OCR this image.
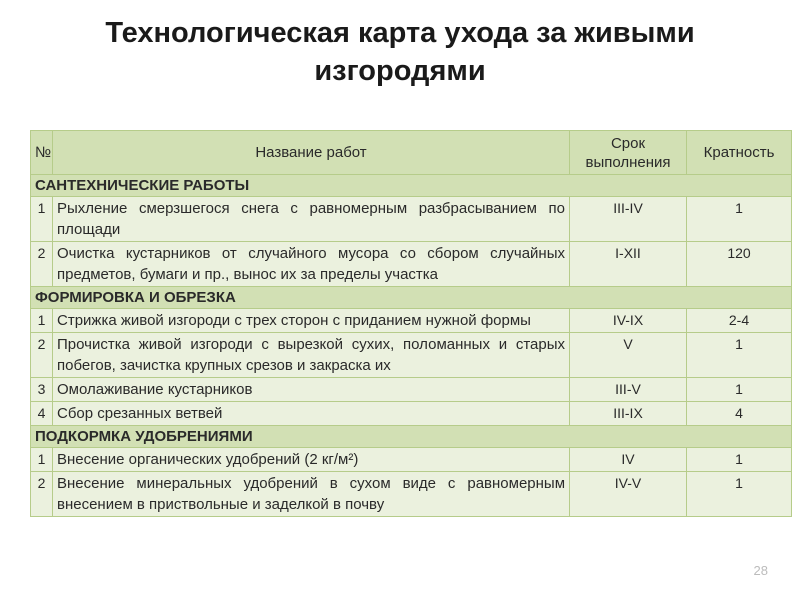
Технологическая карта ухода за живыми
изгородями
№	Название работ	Срок выполнения	Кратность
САНТЕХНИЧЕСКИЕ РАБОТЫ			
1	Рыхление смерзшегося снега с равномерным разбрасыванием по площади	III-IV	1
2	Очистка кустарников от случайного мусора со сбором случайных предметов, бумаги и пр., вынос их за пределы участка	I-XII	120
ФОРМИРОВКА И ОБРЕЗКА			
1	Стрижка живой изгороди с трех сторон с приданием нужной формы	IV-IX	2-4
2	Прочистка живой изгороди с вырезкой сухих, поломанных и старых побегов, зачистка крупных срезов и закраска их	V	1
3	Омолаживание кустарников	III-V	1
4	Сбор срезанных ветвей	III-IX	4
ПОДКОРМКА УДОБРЕНИЯМИ			
1	Внесение органических удобрений (2 кг/м²)	IV	1
2	Внесение минеральных удобрений в сухом виде с равномерным внесением в приствольные и заделкой в почву	IV-V	1
28
